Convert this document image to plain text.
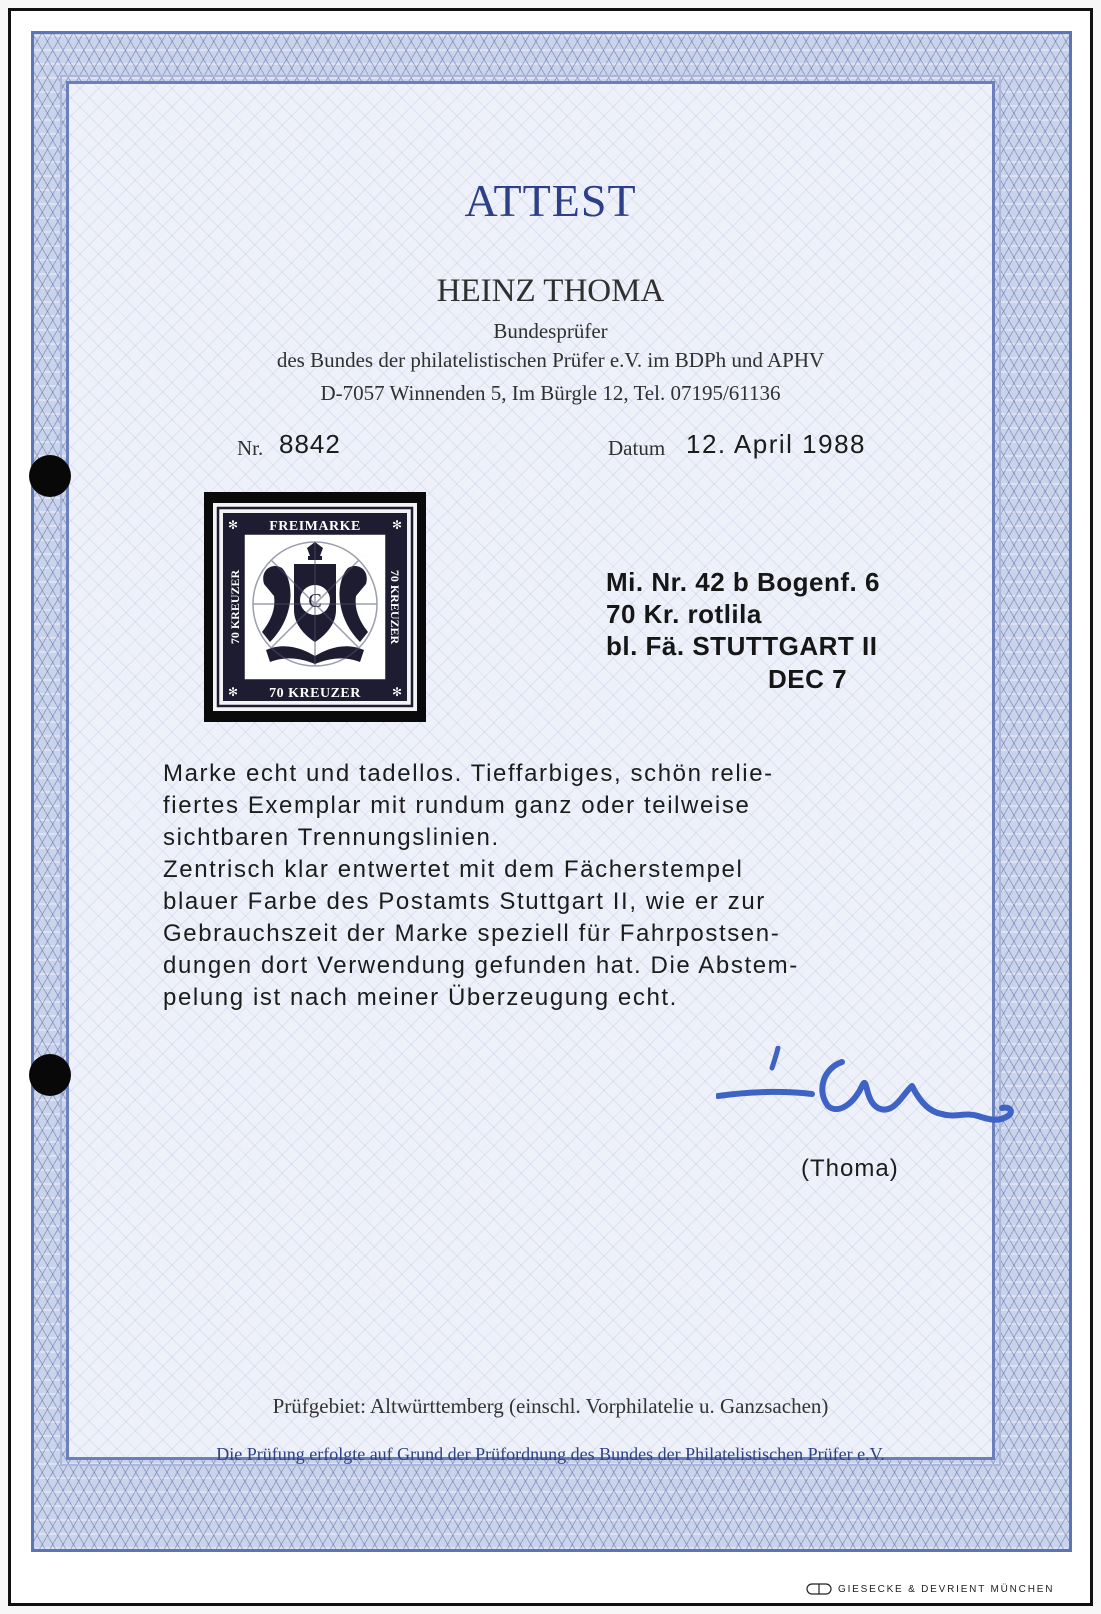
ATTEST
HEINZ THOMA
Bundesprüfer
des Bundes der philatelistischen Prüfer e.V. im BDPh und APHV
D-7057 Winnenden 5, Im Bürgle 12, Tel. 07195/61136
Nr. 8842	Datum 12. April 1988
FREIMARKE
70 KREUZER
70 KREUZER	70 KREUZER
✻	✻
✻	✻
C
Mi. Nr. 42 b Bogenf. 6
70 Kr. rotlila
bl. Fä. STUTTGART II
DEC 7
Marke echt und tadellos. Tieffarbiges, schön relie-
fiertes Exemplar mit rundum ganz oder teilweise
sichtbaren Trennungslinien.
Zentrisch klar entwertet mit dem Fächerstempel
blauer Farbe des Postamts Stuttgart II, wie er zur
Gebrauchszeit der Marke speziell für Fahrpostsen-
dungen dort Verwendung gefunden hat. Die Abstem-
pelung ist nach meiner Überzeugung echt.
(Thoma)
Prüfgebiet: Altwürttemberg (einschl. Vorphilatelie u. Ganzsachen)
Die Prüfung erfolgte auf Grund der Prüfordnung des Bundes der Philatelistischen Prüfer e.V.
GIESECKE & DEVRIENT MÜNCHEN
